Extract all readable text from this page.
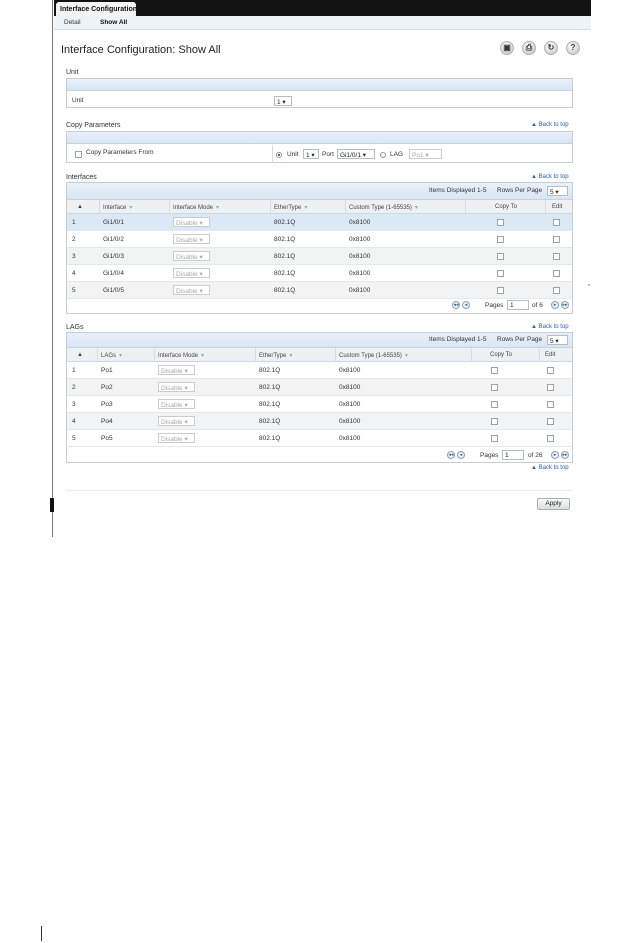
Interface Configuration
Detail	Show All
Interface Configuration: Show All	▣	⎙	↻	?
Unit
Unit	1 ▾
Copy Parameters	▲ Back to top
Copy Parameters From	Unit	1 ▾	Port Gi1/0/1 ▾	LAG	Po1 ▾
Interfaces	▲ Back to top
Items Displayed 1-5 Rows Per Page	5 ▾
▲	Interface ▾	Interface Mode ▾	EtherType ▾	Custom Type (1-65535) ▾	Copy To	Edit
1	Gi1/0/1	Disable ▾	802.1Q	0x8100
2	Gi1/0/2	Disable ▾	802.1Q	0x8100
3	Gi1/0/3	Disable ▾	802.1Q	0x8100
4	Gi1/0/4	Disable ▾	802.1Q	0x8100
5	Gi1/0/5	Disable ▾	802.1Q	0x8100
◂◂	◂	Pages	1	of 6	▸	▸▸
LAGs	▲ Back to top
Items Displayed 1-5 Rows Per Page	5 ▾
▲	LAGs ▾	Interface Mode ▾	EtherType ▾	Custom Type (1-65535) ▾	Copy To	Edit
1	Po1	Disable ▾	802.1Q	0x8100
2	Po2	Disable ▾	802.1Q	0x8100
3	Po3	Disable ▾	802.1Q	0x8100
4	Po4	Disable ▾	802.1Q	0x8100
5	Po5	Disable ▾	802.1Q	0x8100
◂◂	◂	Pages	1	of 26	▸	▸▸
▲ Back to top
Apply
